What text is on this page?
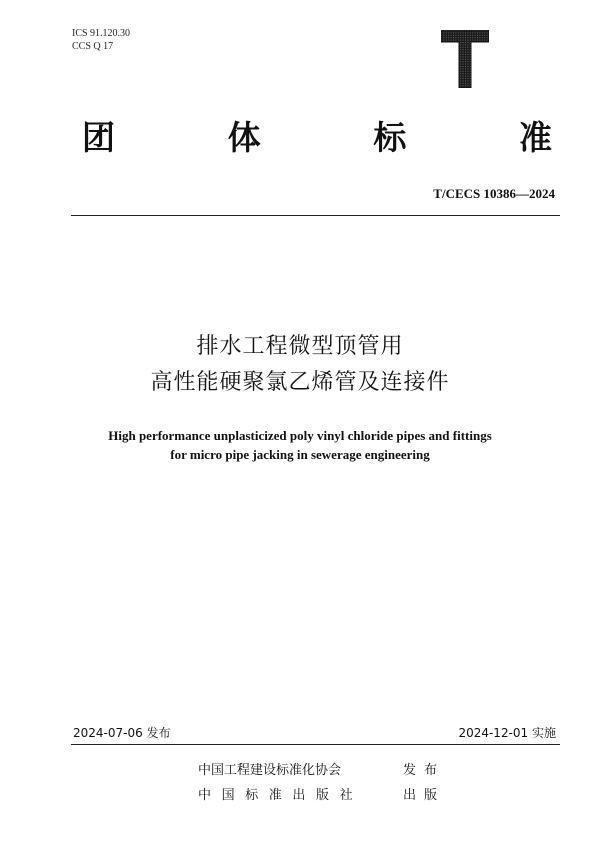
ICS 91.120.30
CCS Q 17
团	体	标	准
T/CECS 10386—2024
排水工程微型顶管用
高性能硬聚氯乙烯管及连接件
High performance unplasticized poly vinyl chloride pipes and fittings
for micro pipe jacking in sewerage engineering
2024-07-06 发布	2024-12-01 实施
中国工程建设标准化协会	发布
中国标准出版社	出版
